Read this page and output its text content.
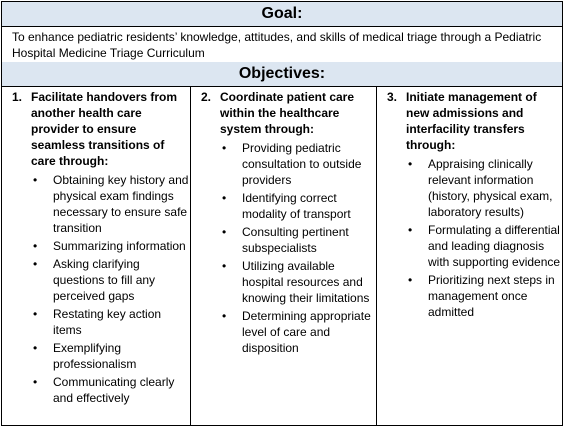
Goal:
To enhance pediatric residents’ knowledge, attitudes, and skills of medical triage through a Pediatric Hospital Medicine Triage Curriculum
Objectives:
1. Facilitate handovers from another health care provider to ensure seamless transitions of care through:
• Obtaining key history and physical exam findings necessary to ensure safe transition
• Summarizing information
• Asking clarifying questions to fill any perceived gaps
• Restating key action items
• Exemplifying professionalism
• Communicating clearly and effectively
2. Coordinate patient care within the healthcare system through:
• Providing pediatric consultation to outside providers
• Identifying correct modality of transport
• Consulting pertinent subspecialists
• Utilizing available hospital resources and knowing their limitations
• Determining appropriate level of care and disposition
3. Initiate management of new admissions and interfacility transfers through:
• Appraising clinically relevant information (history, physical exam, laboratory results)
• Formulating a differential and leading diagnosis with supporting evidence
• Prioritizing next steps in management once admitted
